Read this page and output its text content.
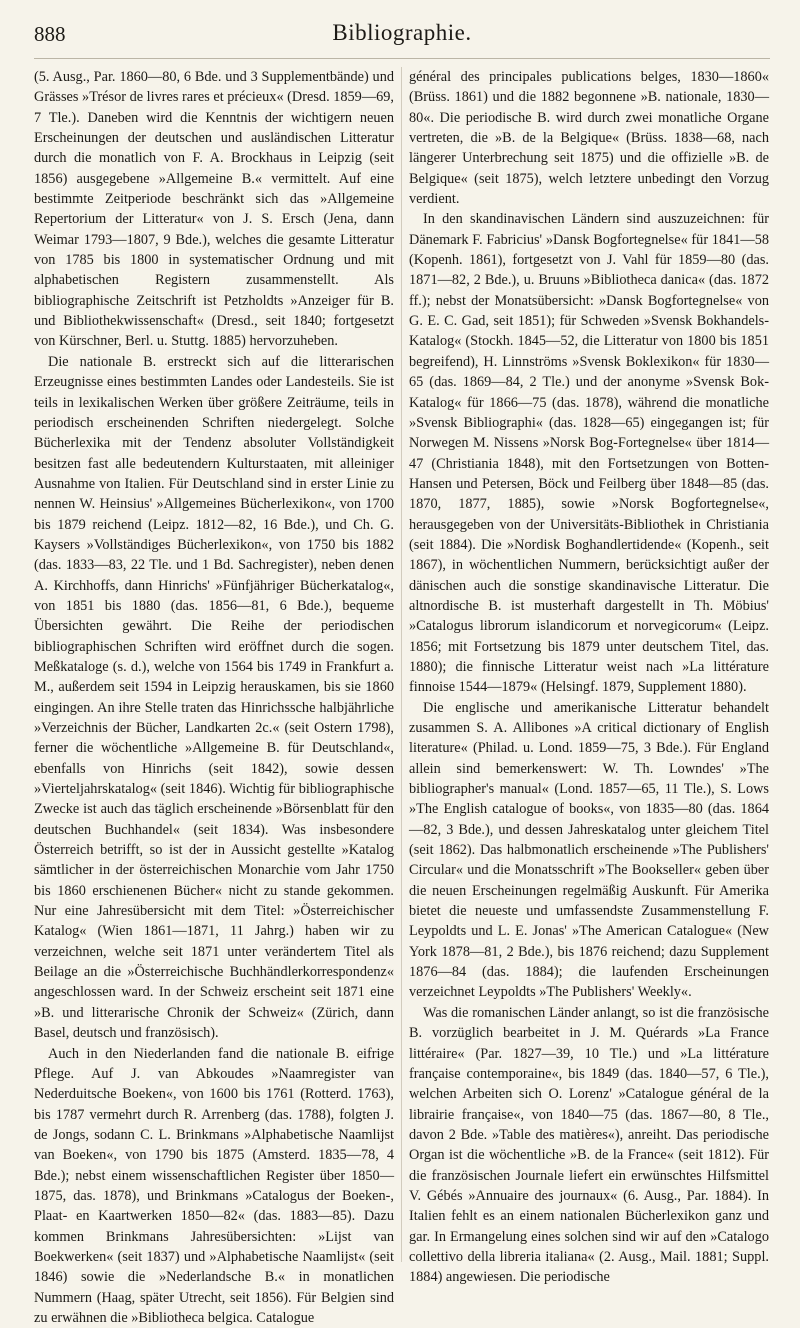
888	Bibliographie.

(5. Ausg., Par. 1860—80, 6 Bde. und 3 Supplementbände) und Grässes »Trésor de livres rares et précieux« (Dresd. 1859—69, 7 Tle.). Daneben wird die Kenntnis der wichtigern neuen Erscheinungen der deutschen und ausländischen Litteratur durch die monatlich von F. A. Brockhaus in Leipzig (seit 1856) ausgegebene »Allgemeine B.« vermittelt. Auf eine bestimmte Zeitperiode beschränkt sich das »Allgemeine Repertorium der Litteratur« von J. S. Ersch (Jena, dann Weimar 1793—1807, 9 Bde.), welches die gesamte Litteratur von 1785 bis 1800 in systematischer Ordnung und mit alphabetischen Registern zusammenstellt. Als bibliographische Zeitschrift ist Petzholdts »Anzeiger für B. und Bibliothekwissenschaft« (Dresd., seit 1840; fortgesetzt von Kürschner, Berl. u. Stuttg. 1885) hervorzuheben.

Die nationale B. erstreckt sich auf die litterarischen Erzeugnisse eines bestimmten Landes oder Landesteils. Sie ist teils in lexikalischen Werken über größere Zeiträume, teils in periodisch erscheinenden Schriften niedergelegt. Solche Bücherlexika mit der Tendenz absoluter Vollständigkeit besitzen fast alle bedeutendern Kulturstaaten, mit alleiniger Ausnahme von Italien. Für Deutschland sind in erster Linie zu nennen W. Heinsius' »Allgemeines Bücherlexikon«, von 1700 bis 1879 reichend (Leipz. 1812—82, 16 Bde.), und Ch. G. Kaysers »Vollständiges Bücherlexikon«, von 1750 bis 1882 (das. 1833—83, 22 Tle. und 1 Bd. Sachregister), neben denen A. Kirchhoffs, dann Hinrichs' »Fünfjähriger Bücherkatalog«, von 1851 bis 1880 (das. 1856—81, 6 Bde.), bequeme Übersichten gewährt. Die Reihe der periodischen bibliographischen Schriften wird eröffnet durch die sogen. Meßkataloge (s. d.), welche von 1564 bis 1749 in Frankfurt a. M., außerdem seit 1594 in Leipzig herauskamen, bis sie 1860 eingingen. An ihre Stelle traten das Hinrichssche halbjährliche »Verzeichnis der Bücher, Landkarten 2c.« (seit Ostern 1798), ferner die wöchentliche »Allgemeine B. für Deutschland«, ebenfalls von Hinrichs (seit 1842), sowie dessen »Vierteljahrskatalog« (seit 1846). Wichtig für bibliographische Zwecke ist auch das täglich erscheinende »Börsenblatt für den deutschen Buchhandel« (seit 1834). Was insbesondere Österreich betrifft, so ist der in Aussicht gestellte »Katalog sämtlicher in der österreichischen Monarchie vom Jahr 1750 bis 1860 erschienenen Bücher« nicht zu stande gekommen. Nur eine Jahresübersicht mit dem Titel: »Österreichischer Katalog« (Wien 1861—1871, 11 Jahrg.) haben wir zu verzeichnen, welche seit 1871 unter verändertem Titel als Beilage an die »Österreichische Buchhändlerkorrespondenz« angeschlossen ward. In der Schweiz erscheint seit 1871 eine »B. und litterarische Chronik der Schweiz« (Zürich, dann Basel, deutsch und französisch).

Auch in den Niederlanden fand die nationale B. eifrige Pflege. Auf J. van Abkoudes »Naamregister van Nederduitsche Boeken«, von 1600 bis 1761 (Rotterd. 1763), bis 1787 vermehrt durch R. Arrenberg (das. 1788), folgten J. de Jongs, sodann C. L. Brinkmans »Alphabetische Naamlijst van Boeken«, von 1790 bis 1875 (Amsterd. 1835—78, 4 Bde.); nebst einem wissenschaftlichen Register über 1850—1875, das. 1878), und Brinkmans »Catalogus der Boeken-, Plaat- en Kaartwerken 1850—82« (das. 1883—85). Dazu kommen Brinkmans Jahresübersichten: »Lijst van Boekwerken« (seit 1837) und »Alphabetische Naamlijst« (seit 1846) sowie die »Nederlandsche B.« in monatlichen Nummern (Haag, später Utrecht, seit 1856). Für Belgien sind zu erwähnen die »Bibliotheca belgica. Catalogue

général des principales publications belges, 1830—1860« (Brüss. 1861) und die 1882 begonnene »B. nationale, 1830—80«. Die periodische B. wird durch zwei monatliche Organe vertreten, die »B. de la Belgique« (Brüss. 1838—68, nach längerer Unterbrechung seit 1875) und die offizielle »B. de Belgique« (seit 1875), welch letztere unbedingt den Vorzug verdient.

In den skandinavischen Ländern sind auszuzeichnen: für Dänemark F. Fabricius' »Dansk Bogfortegnelse« für 1841—58 (Kopenh. 1861), fortgesetzt von J. Vahl für 1859—80 (das. 1871—82, 2 Bde.), u. Bruuns »Bibliotheca danica« (das. 1872 ff.); nebst der Monatsübersicht: »Dansk Bogfortegnelse« von G. E. C. Gad, seit 1851); für Schweden »Svensk Bokhandels-Katalog« (Stockh. 1845—52, die Litteratur von 1800 bis 1851 begreifend), H. Linnströms »Svensk Boklexikon« für 1830—65 (das. 1869—84, 2 Tle.) und der anonyme »Svensk Bok-Katalog« für 1866—75 (das. 1878), während die monatliche »Svensk Bibliographi« (das. 1828—65) eingegangen ist; für Norwegen M. Nissens »Norsk Bog-Fortegnelse« über 1814—47 (Christiania 1848), mit den Fortsetzungen von Botten-Hansen und Petersen, Böck und Feilberg über 1848—85 (das. 1870, 1877, 1885), sowie »Norsk Bogfortegnelse«, herausgegeben von der Universitäts-Bibliothek in Christiania (seit 1884). Die »Nordisk Boghandlertidende« (Kopenh., seit 1867), in wöchentlichen Nummern, berücksichtigt außer der dänischen auch die sonstige skandinavische Litteratur. Die altnordische B. ist musterhaft dargestellt in Th. Möbius' »Catalogus librorum islandicorum et norvegicorum« (Leipz. 1856; mit Fortsetzung bis 1879 unter deutschem Titel, das. 1880); die finnische Litteratur weist nach »La littérature finnoise 1544—1879« (Helsingf. 1879, Supplement 1880).

Die englische und amerikanische Litteratur behandelt zusammen S. A. Allibones »A critical dictionary of English literature« (Philad. u. Lond. 1859—75, 3 Bde.). Für England allein sind bemerkenswert: W. Th. Lowndes' »The bibliographer's manual« (Lond. 1857—65, 11 Tle.), S. Lows »The English catalogue of books«, von 1835—80 (das. 1864—82, 3 Bde.), und dessen Jahreskatalog unter gleichem Titel (seit 1862). Das halbmonatlich erscheinende »The Publishers' Circular« und die Monatsschrift »The Bookseller« geben über die neuen Erscheinungen regelmäßig Auskunft. Für Amerika bietet die neueste und umfassendste Zusammenstellung F. Leypoldts und L. E. Jonas' »The American Catalogue« (New York 1878—81, 2 Bde.), bis 1876 reichend; dazu Supplement 1876—84 (das. 1884); die laufenden Erscheinungen verzeichnet Leypoldts »The Publishers' Weekly«.

Was die romanischen Länder anlangt, so ist die französische B. vorzüglich bearbeitet in J. M. Quérards »La France littéraire« (Par. 1827—39, 10 Tle.) und »La littérature française contemporaine«, bis 1849 (das. 1840—57, 6 Tle.), welchen Arbeiten sich O. Lorenz' »Catalogue général de la librairie française«, von 1840—75 (das. 1867—80, 8 Tle., davon 2 Bde. »Table des matières«), anreiht. Das periodische Organ ist die wöchentliche »B. de la France« (seit 1812). Für die französischen Journale liefert ein erwünschtes Hilfsmittel V. Gébés »Annuaire des journaux« (6. Ausg., Par. 1884). In Italien fehlt es an einem nationalen Bücherlexikon ganz und gar. In Ermangelung eines solchen sind wir auf den »Catalogo collettivo della libreria italiana« (2. Ausg., Mail. 1881; Suppl. 1884) angewiesen. Die periodische
